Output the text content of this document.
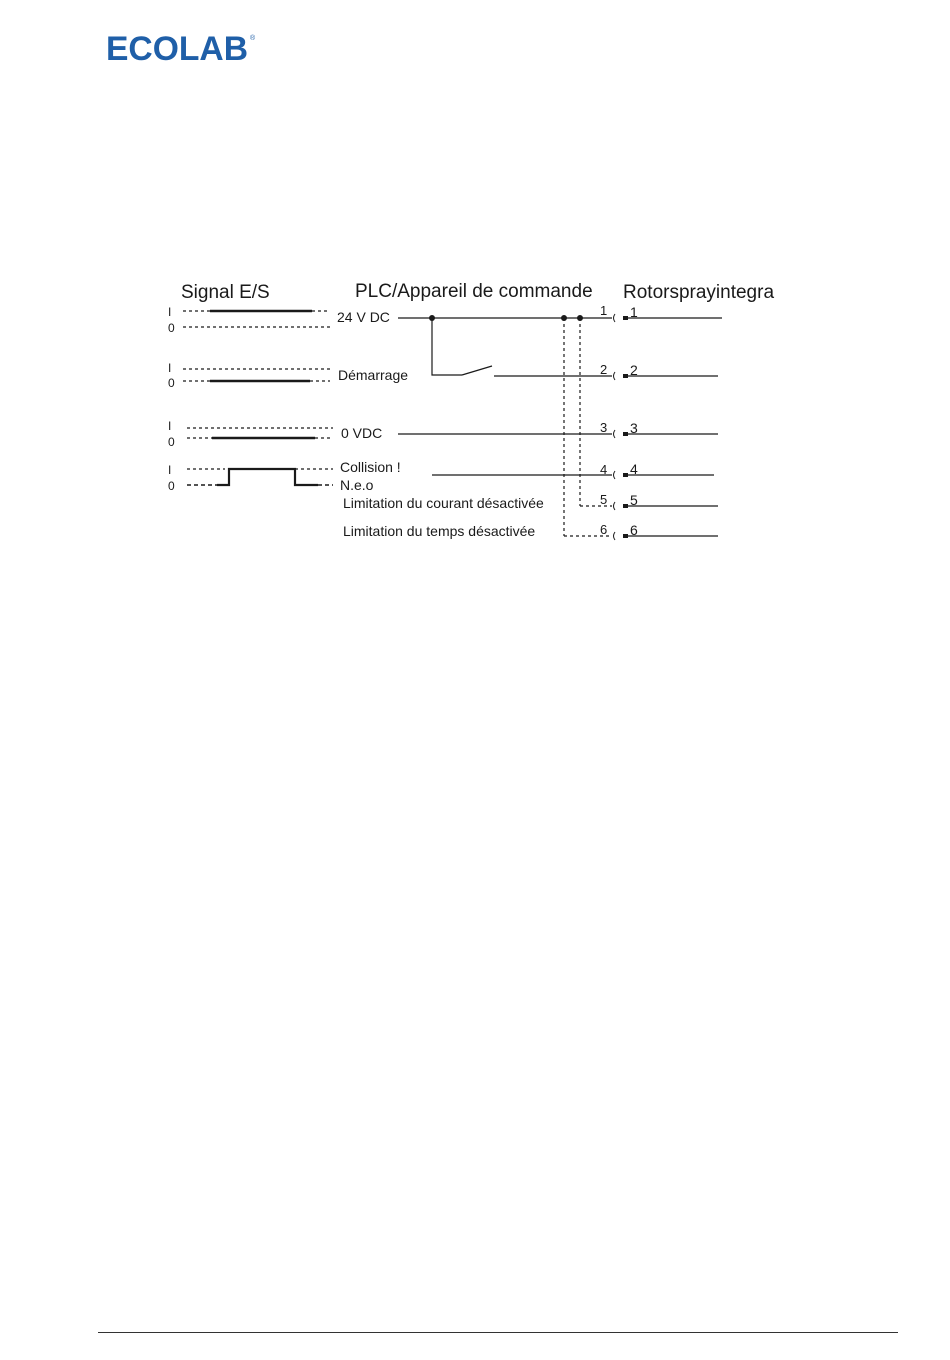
ECOLAB ®
Signal E/S	PLC/Appareil de commande Rotorsprayintegra
I
0
I
0
I
0
I
0
24 V DC
Démarrage
0 VDC
Collision !
N.e.o
Limitation du courant désactivée
Limitation du temps désactivée
1
2
3
4
5
6
1
2
3
4
5
6
